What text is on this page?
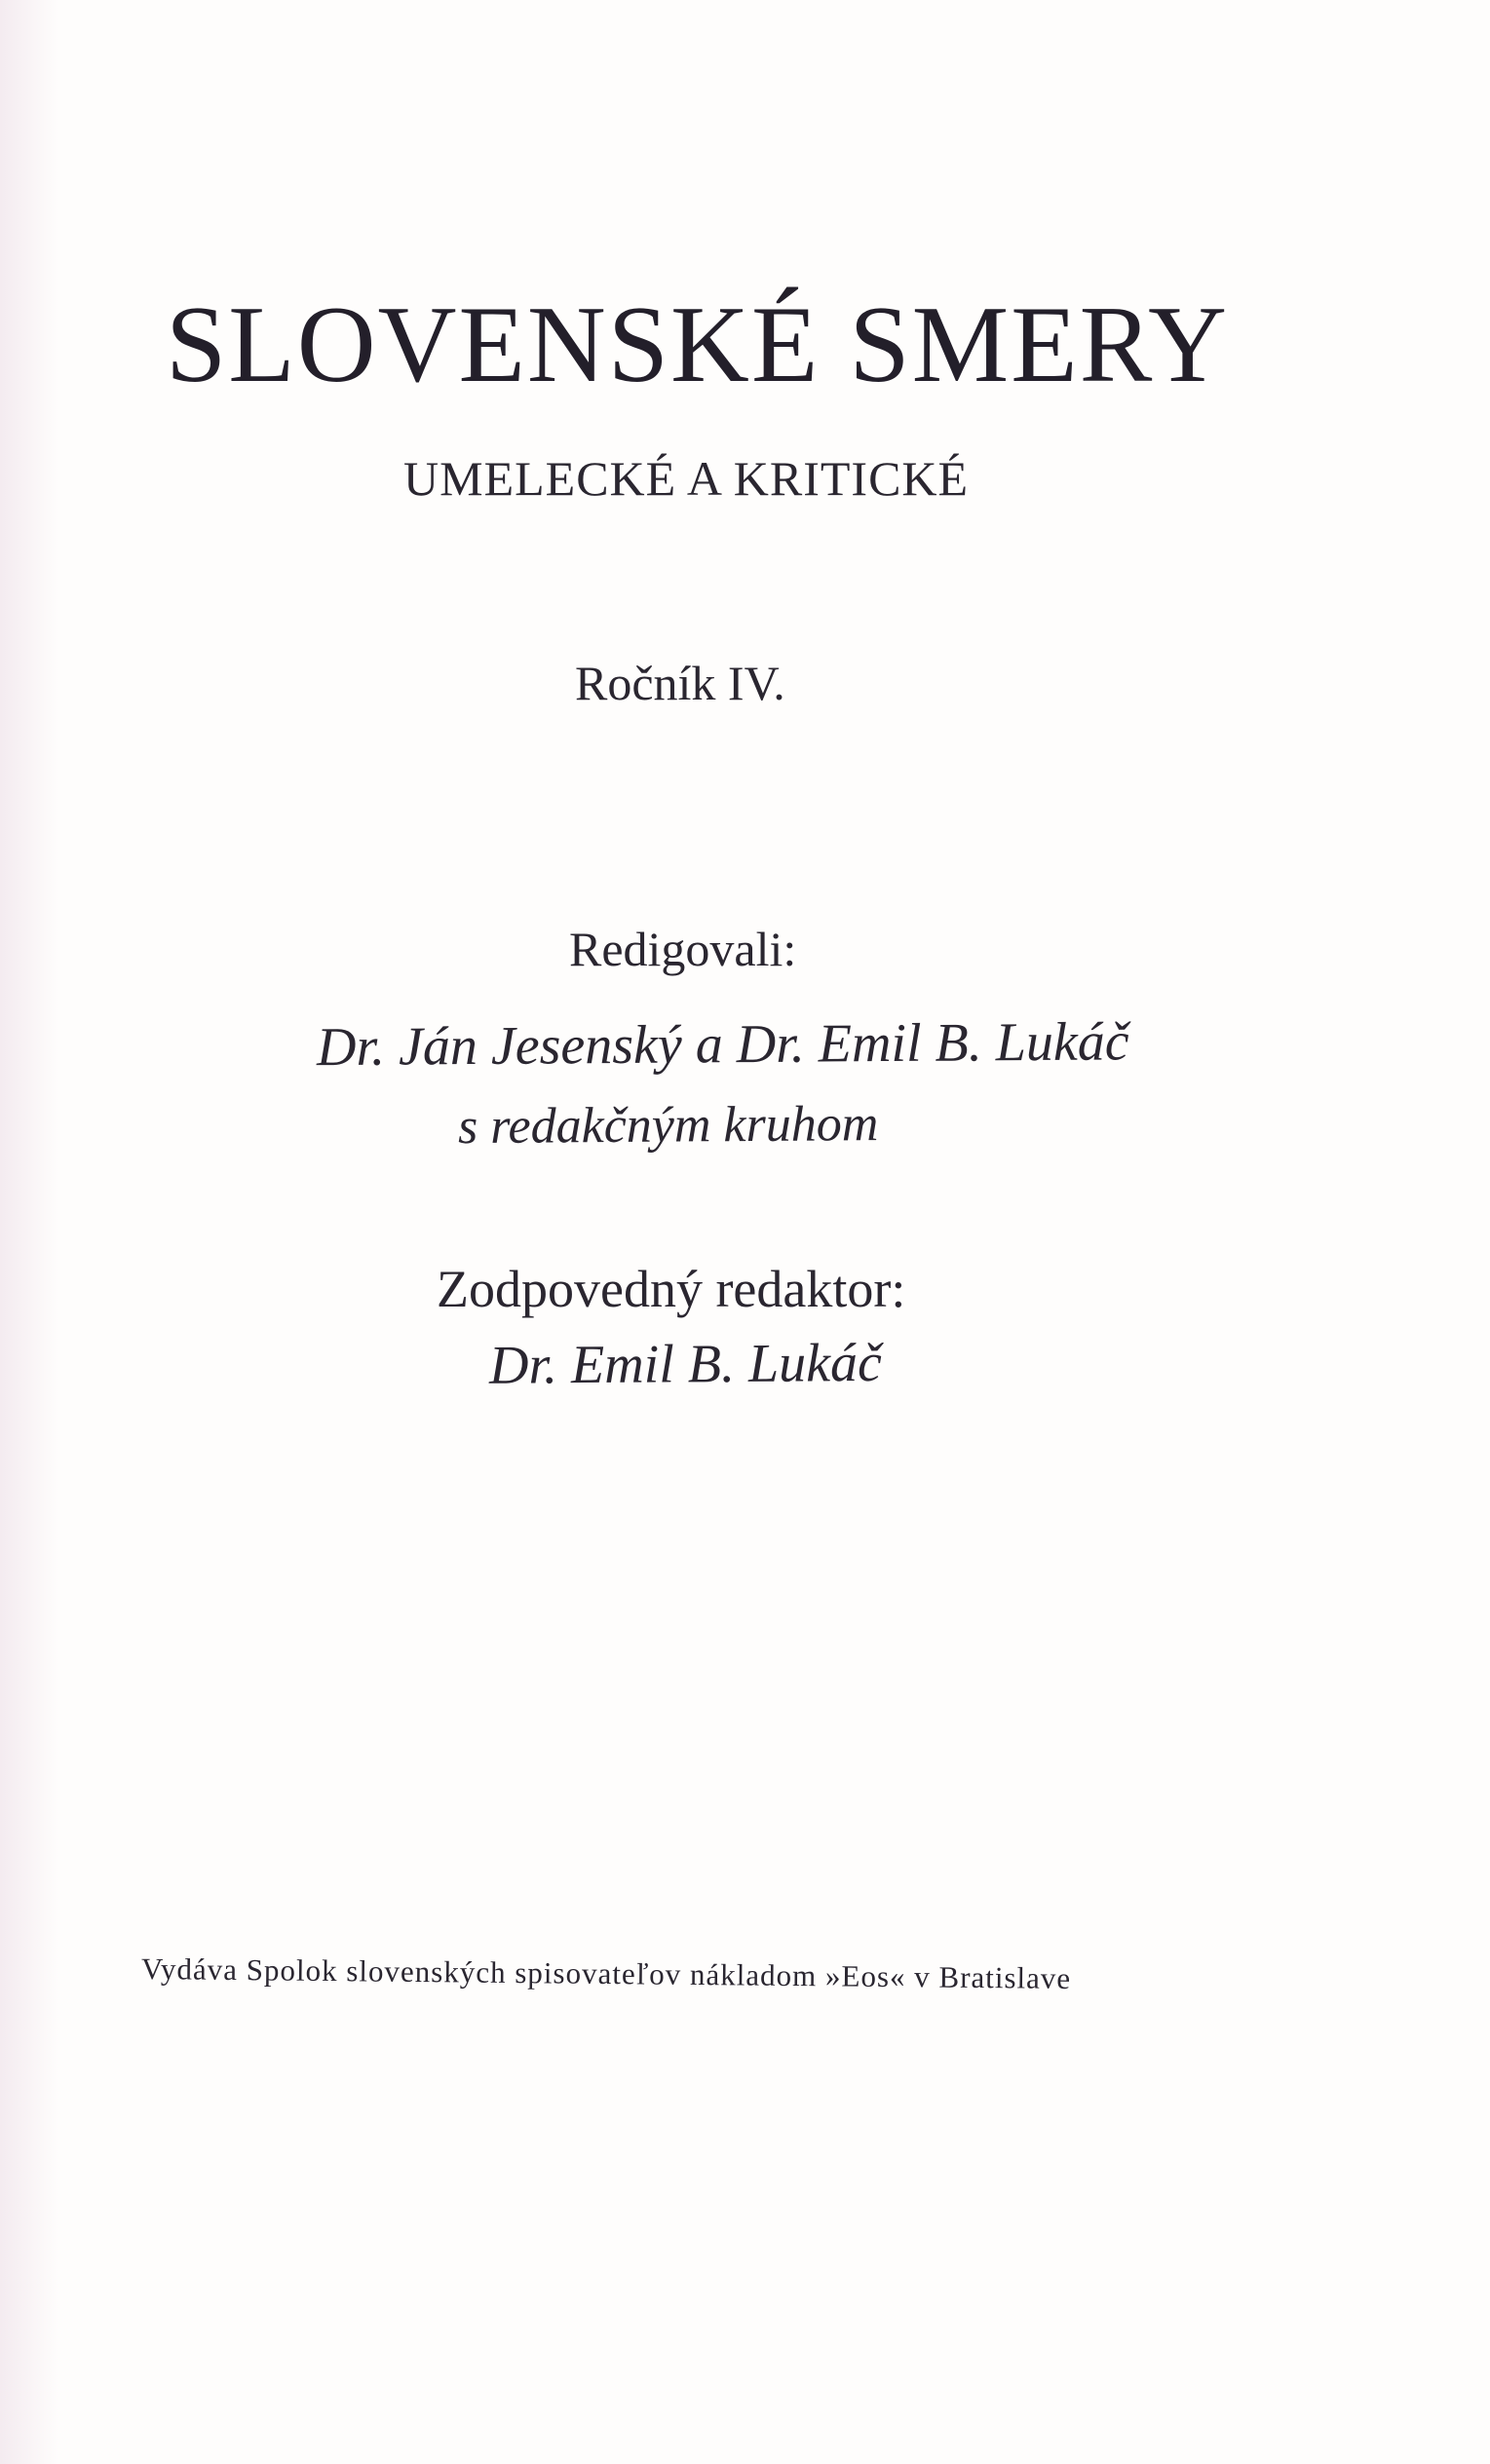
SLOVENSKÉ SMERY
UMELECKÉ A KRITICKÉ
Ročník IV.
Redigovali:
Dr. Ján Jesenský a Dr. Emil B. Lukáč
s redakčným kruhom
Zodpovedný redaktor:
Dr. Emil B. Lukáč
Vydáva Spolok slovenských spisovateľov nákladom »Eos« v Bratislave
